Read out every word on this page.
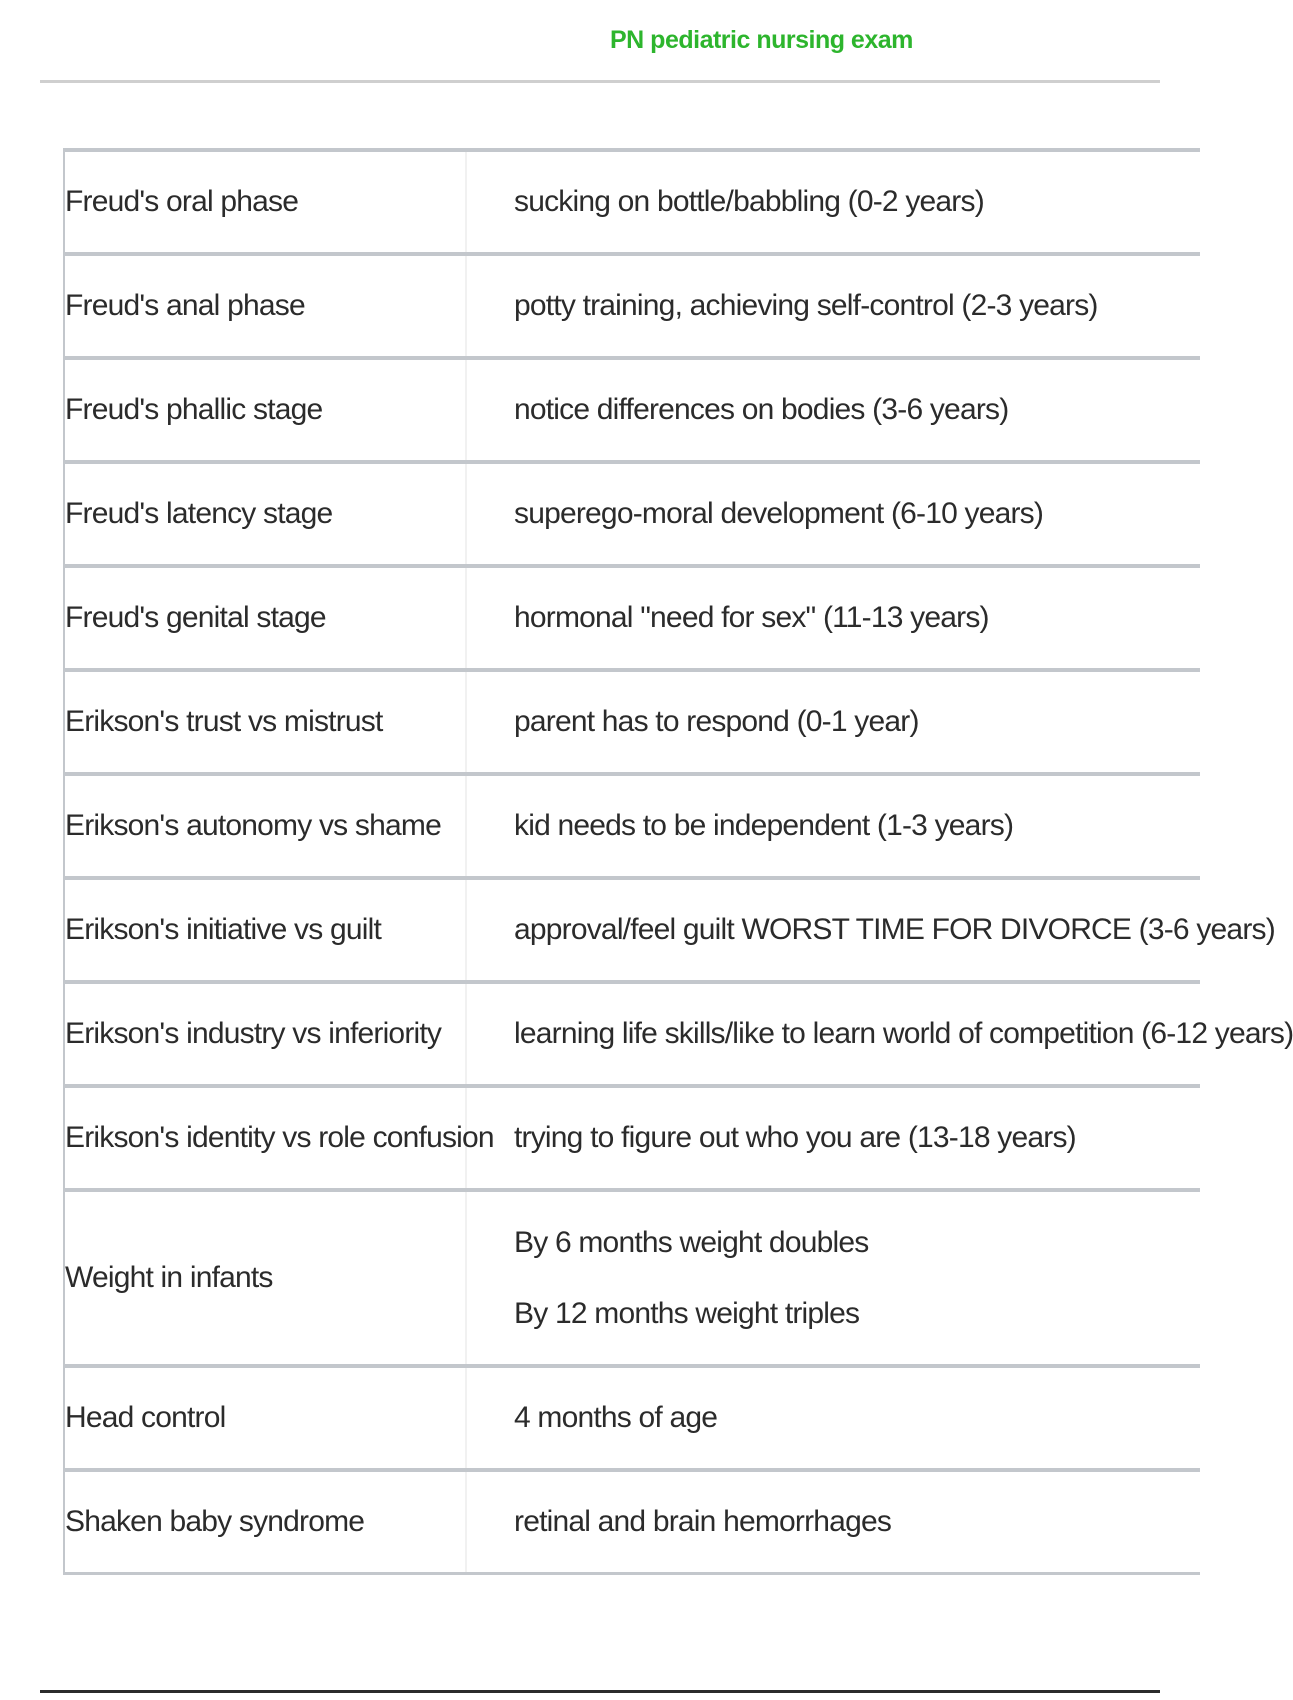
PN pediatric nursing exam
Freud's oral phase	sucking on bottle/babbling (0-2 years)

Freud's anal phase	potty training, achieving self-control (2-3 years)

Freud's phallic stage	notice differences on bodies (3-6 years)

Freud's latency stage	superego-moral development (6-10 years)

Freud's genital stage	hormonal "need for sex" (11-13 years)

Erikson's trust vs mistrust	parent has to respond (0-1 year)

Erikson's autonomy vs shame	kid needs to be independent (1-3 years)

Erikson's initiative vs guilt	approval/feel guilt WORST TIME FOR DIVORCE (3-6 years)

Erikson's industry vs inferiority	learning life skills/like to learn world of competition (6-12 years)

Erikson's identity vs role confusion	trying to figure out who you are (13-18 years)

Weight in infants	By 6 months weight doubles
By 12 months weight triples

Head control	4 months of age

Shaken baby syndrome	retinal and brain hemorrhages
